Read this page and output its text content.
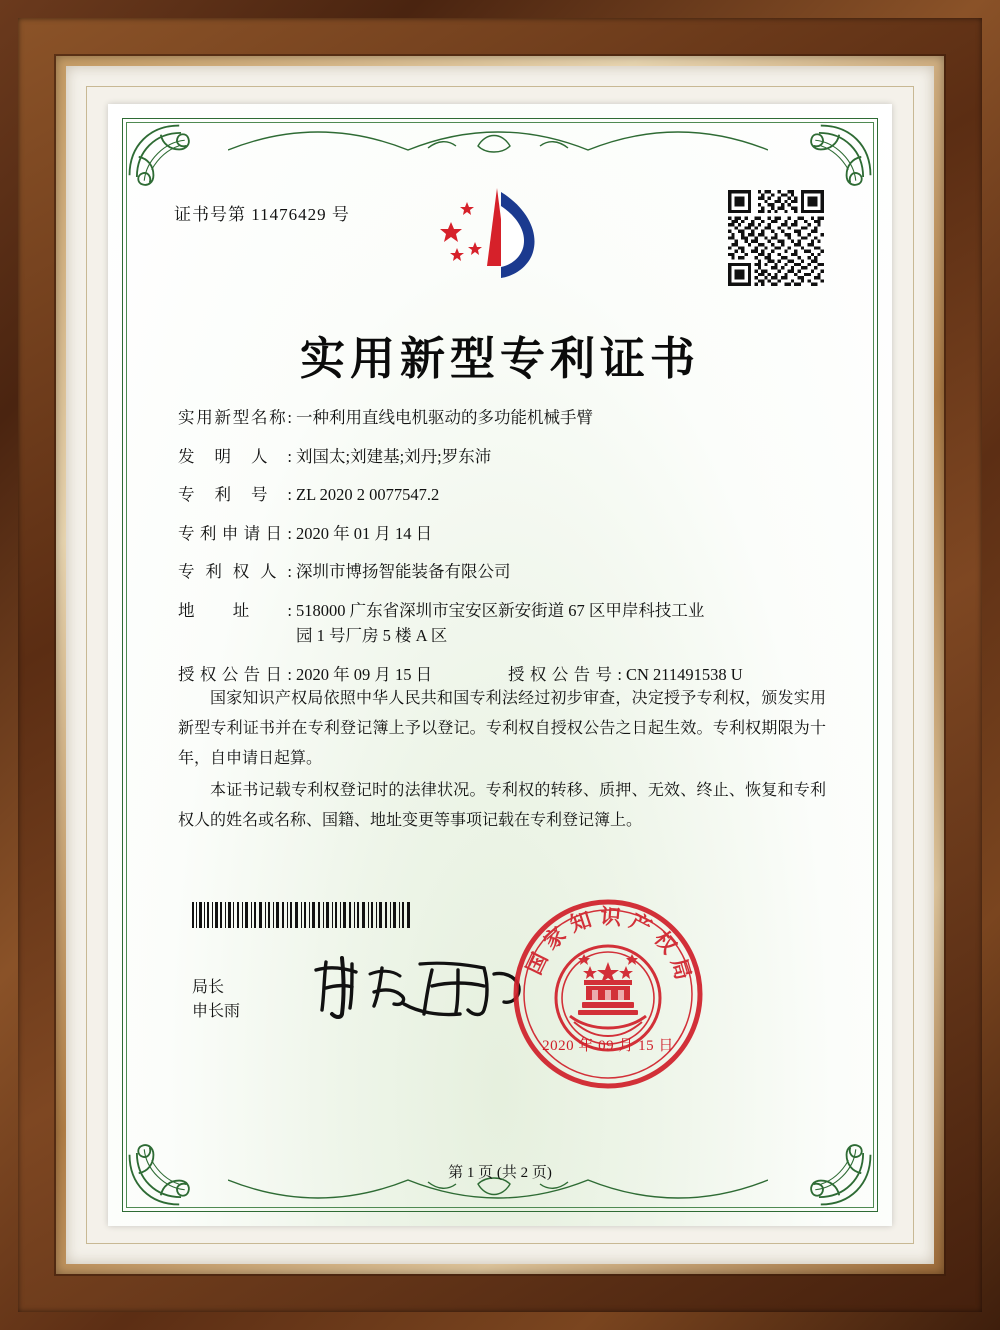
证书号第 11476429 号
实用新型专利证书
实 用 新 型 名 称 : 一种利用直线电机驱动的多功能机械手臂
发 明 人 : 刘国太;刘建基;刘丹;罗东沛
专 利 号 : ZL 2020 2 0077547.2
专 利 申 请 日 : 2020 年 01 月 14 日
专 利 权 人 : 深圳市博扬智能装备有限公司
地 址 : 518000 广东省深圳市宝安区新安街道 67 区甲岸科技工业
园 1 号厂房 5 楼 A 区
授 权 公 告 日 : 2020 年 09 月 15 日	授 权 公 告 号 : CN 211491538 U

国家知识产权局依照中华人民共和国专利法经过初步审查，决定授予专利权，颁发实用新型专利证书并在专利登记簿上予以登记。专利权自授权公告之日起生效。专利权期限为十年，自申请日起算。

本证书记载专利权登记时的法律状况。专利权的转移、质押、无效、终止、恢复和专利权人的姓名或名称、国籍、地址变更等事项记载在专利登记簿上。

局长
申长雨
国家知识产权局
2020 年 09 月 15 日
第 1 页 (共 2 页)
